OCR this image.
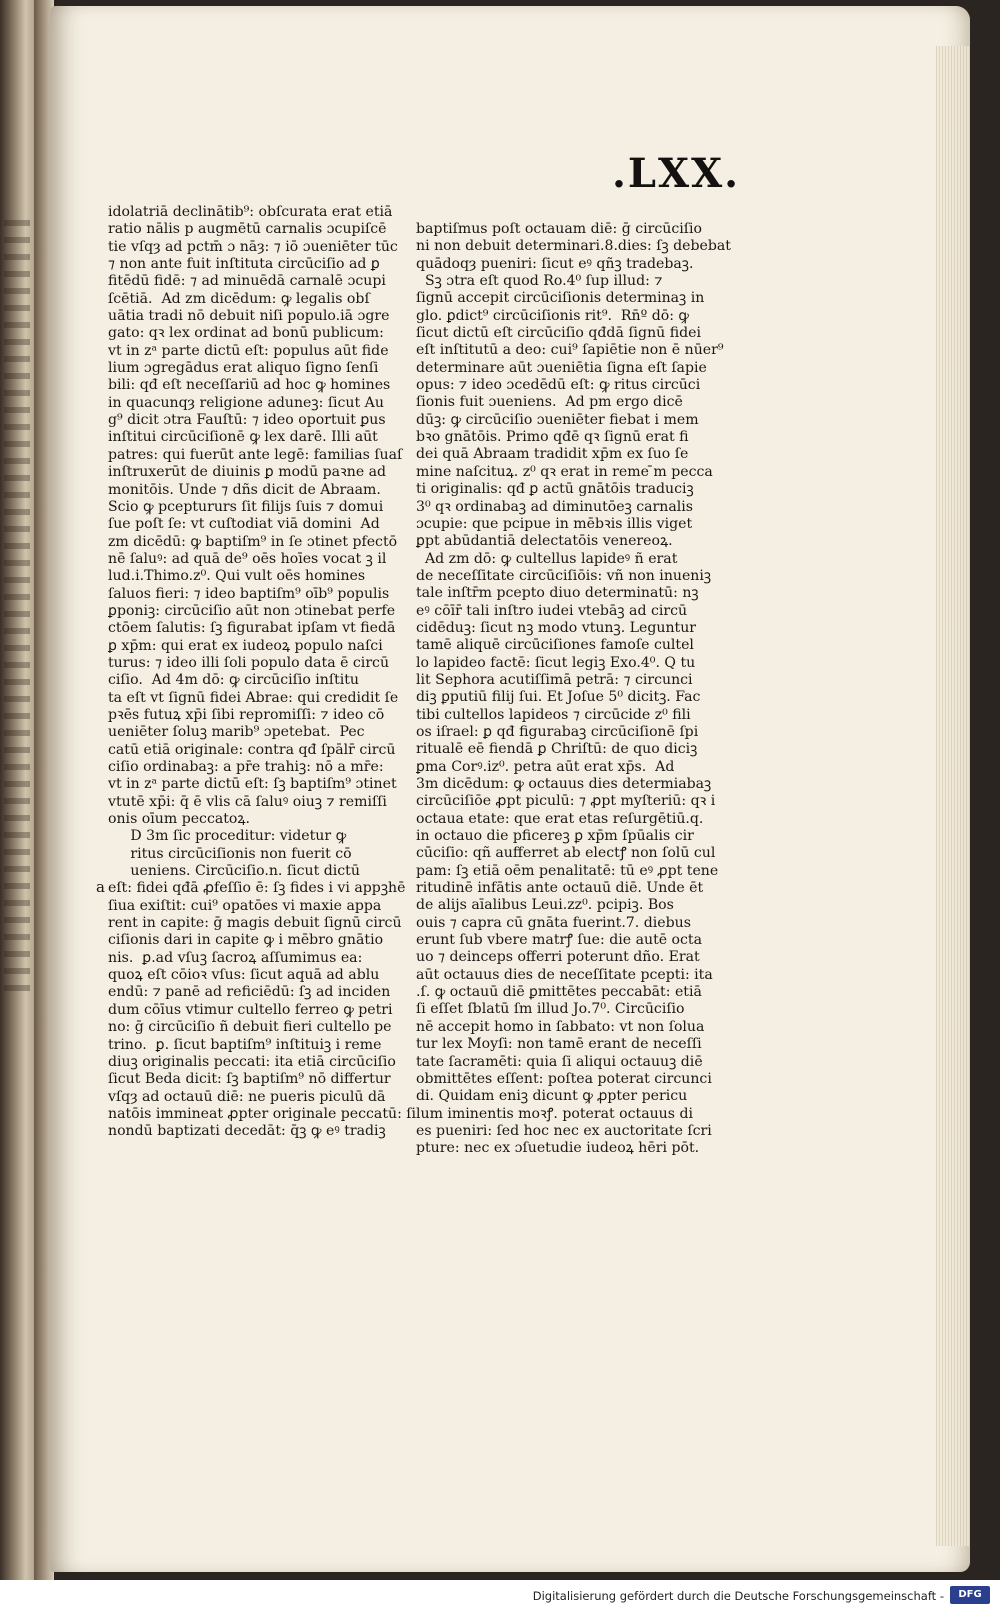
.LXX.
a
idolatriā declinātib⁹: obſcurata erat etiā
ratio nālis p augmētū carnalis ɔcupiſcē
tie vſqȝ ad pctm̄ ɔ nāȝ: ⁊ iō ɔueniēter tūc
⁊ non ante fuit inſtituta circūciſio ad ꝑ
fitēdū fidē: ⁊ ad minuēdā carnalē ɔcupi
ſcētiā.  Ad zm dicēdum: ꝙ legalis obſ
uātia tradi nō debuit niſi populo.iā ɔgre
gato: qꝛ lex ordinat ad bonū publicum:
vt in zᵃ parte dictū eſt: populus aūt fide
lium ɔgregādus erat aliquo ſigno ſenſi
bili: qđ eſt neceſſariū ad hoc ꝙ homines
in quacunqȝ religione aduneꝫ: ſicut Au
g⁹ dicit ɔtra Fauſtū: ⁊ ideo oportuit ꝑus
inſtitui circūciſionē ꝙ lex darē. Illi aūt
patres: qui fuerūt ante legē: familias ſuaſ
inſtruxerūt de diuinis ꝑ modū paꝛne ad
monitōis. Unde ⁊ dñs dicit de Abraam.
Scio ꝙ pceptururs ſit filijs ſuis ⁊ domui
ſue poſt ſe: vt cuſtodiat viā domini  Ad
zm dicēdū: ꝙ baptiſm⁹ in ſe ɔtinet pfectō
nē ſaluꝰ: ad quā de⁹ oēs hoīes vocat ꝫ il
lud.i.Thimo.z⁰. Qui vult oēs homines
ſaluos fieri: ⁊ ideo baptiſm⁹ oīb⁹ populis
ꝑponiꝫ: circūciſio aūt non ɔtinebat perfe
ctōem ſalutis: ſꝫ figurabat ipſam vt fiedā
ꝑ xp̄m: qui erat ex iudeoꝝ populo naſci
turus: ⁊ ideo illi ſoli populo data ē circū
ciſio.  Ad 4m dō: ꝙ circūciſio inſtitu
ta eſt vt ſignū fidei Abrae: qui credidit ſe
pꝛēs futuꝝ xp̄i ſibi repromiſſi: ⁊ ideo cō
ueniēter ſoluꝫ marib⁹ ɔpetebat.  Pec
catū etiā originale: contra qđ ſpālr̄ circū
ciſio ordinabaꝫ: a pr̄e trahiꝫ: nō a mr̄e:
vt in zᵃ parte dictū eſt: ſꝫ baptiſm⁹ ɔtinet
vtutē xp̄i: q̄ ē vlis cā ſaluꝰ oiuꝫ ⁊ remiſſi
onis oīum peccatoꝝ.
D 3m ſic proceditur: videtur ꝙ
ritus circūciſionis non fuerit cō
ueniens. Circūciſio.n. ſicut dictū
eſt: fidei qđā ꝓfeſſio ē: ſꝫ fides i vi appꝫhē
ſiua exiſtit: cui⁹ opatōes vi maxie appa
rent in capite: ḡ magis debuit ſignū circū
ciſionis dari in capite ꝙ i mēbro gnātio
nis.  ꝑ.ad vſuꝫ ſacroꝝ aſſumimus ea:
quoꝝ eſt cōioꝛ vſus: ſicut aquā ad ablu
endū: ⁊ panē ad reficiēdū: ſꝫ ad inciden
dum cōīus vtimur cultello ferreo ꝙ petri
no: ḡ circūciſio ñ debuit fieri cultello pe
trino.  ꝑ. ſicut baptiſm⁹ inſtituiꝫ i reme
diuꝫ originalis peccati: ita etiā circūciſio
ſicut Beda dicit: ſꝫ baptiſm⁹ nō differtur
vſqȝ ad octauū diē: ne pueris piculū dā
natōis immineat ꝓpter originale peccatū: ſi
nondū baptizati decedāt: q̄ꝫ ꝙ eꝰ tradiꝫ
baptiſmus poſt octauam diē: ḡ circūciſio
ni non debuit determinari.8.dies: ſꝫ debebat
quādoqȝ pueniri: ſicut eꝰ qñꝫ tradebaꝫ.
Sꝫ ɔtra eſt quod Ro.4⁰ ſup illud: ⁊
ſignū accepit circūciſionis determinaꝫ in
glo. ꝑdict⁹ circūciſionis rit⁹.  Rn̄º dō: ꝙ
ſicut dictū eſt circūciſio qđdā ſignū fidei
eſt inſtitutū a deo: cui⁹ ſapiētie non ē nūer⁹
determinare aūt ɔueniētia ſigna eſt ſapie
opus: ⁊ ideo ɔcedēdū eſt: ꝙ ritus circūci
ſionis fuit ɔueniens.  Ad pm ergo dicē
dūꝫ: ꝙ circūciſio ɔueniēter fiebat i mem
bꝛo gnātōis. Primo qđē qꝛ ſignū erat fi
dei quā Abraam tradidit xp̄m ex ſuo ſe
mine naſcituꝝ. z⁰ qꝛ erat in reme ̄m pecca
ti originalis: qđ ꝑ actū gnātōis traduciꝫ
3⁰ qꝛ ordinabaꝫ ad diminutōeꝫ carnalis
ɔcupie: que pcipue in mēbꝛis illis viget
ꝑpt abūdantiā delectatōis venereoꝝ.
Ad zm dō: ꝙ cultellus lapideꝰ ñ erat
de neceſſitate circūciſiōis: vñ non inueniꝫ
tale inſtr̄m pcepto diuo determinatū: nꝫ
eꝰ cōīr̄ tali inſtro iudei vtebāꝫ ad circū
cidēduꝫ: ſicut nꝫ modo vtunꝫ. Leguntur
tamē aliquē circūciſiones famoſe cultel
lo lapideo factē: ſicut legiꝫ Exo.4⁰. Q tu
lit Sephora acutiſſimā petrā: ⁊ circunci
diꝫ ꝑputiū filij ſui. Et Joſue 5⁰ dicitꝫ. Fac
tibi cultellos lapideos ⁊ circūcide z⁰ fili
os iſrael: ꝑ qđ figurabaꝫ circūciſionē ſpi
ritualē eē fiendā ꝑ Chriſtū: de quo diciꝫ
ꝑma Corꝰ.iz⁰. petra aūt erat xp̄s.  Ad
3m dicēdum: ꝙ octauus dies determiabaꝫ
circūciſiōe ꝓpt piculū: ⁊ ꝓpt myſteriū: qꝛ i
octaua etate: que erat etas reſurgētiū.q.
in octauo die pficereꝫ ꝑ xp̄m ſpūalis cir
cūciſio: qñ aufferret ab electꝭ non ſolū cul
pam: ſꝫ etiā oēm penalitatē: tū eꝰ ꝓpt tene
ritudinē infātis ante octauū diē. Unde ēt
de alijs aīalibus Leui.zz⁰. pcipiꝫ. Bos
ouis ⁊ capra cū gnāta fuerint.7. diebus
erunt ſub vbere matrꝭ ſue: die autē octa
uo ⁊ deinceps offerri poterunt dño. Erat
aūt octauus dies de neceſſitate pcepti: ita
.ſ. ꝙ octauū diē ꝑmittētes peccabāt: etiā
ſi eſſet ſblatū ſm illud Jo.7⁰. Circūciſio
nē accepit homo in ſabbato: vt non ſolua
tur lex Moyſi: non tamē erant de neceſſi
tate ſacramēti: quia ſi aliqui octauuꝫ diē
obmittētes eſſent: poſtea poterat circunci
di. Quidam eniꝫ dicunt ꝙ ꝓpter pericu
lum iminentis moꝛꝭ. poterat octauus di
es pueniri: ſed hoc nec ex auctoritate ſcri
pture: nec ex ɔſuetudie iudeoꝝ hēri pōt.
Digitalisierung gefördert durch die Deutsche Forschungsgemeinschaft -	DFG
